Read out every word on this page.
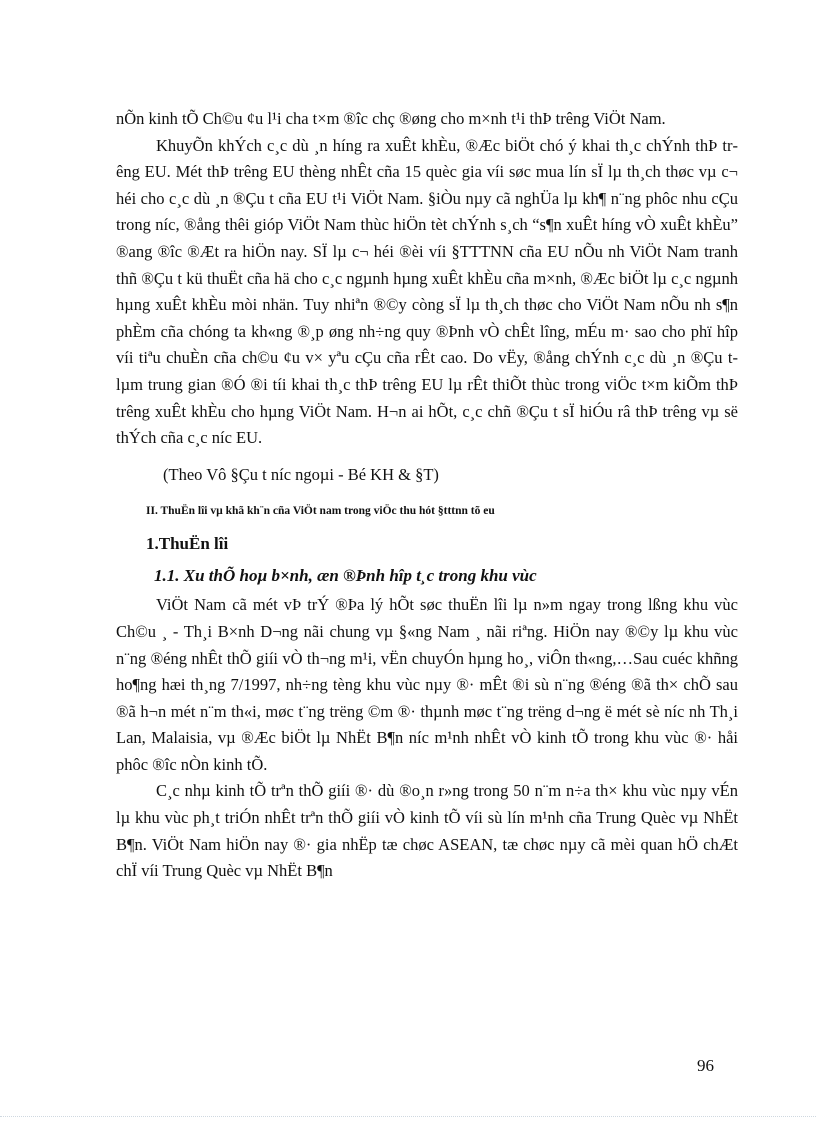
nÕn kinh tÕ Ch©u ¢u l¹i cha t×m ®îc chç ®øng cho m×nh t¹i thÞ trêng ViÖt Nam.

KhuyÕn khÝch c¸c dù ¸n híng ra xuÊt khÈu, ®Æc biÖt chó ý khai th¸c chÝnh thÞ trêng EU. Mét thÞ trêng EU thèng nhÊt cña 15 quèc gia víi søc mua lín sÏ lµ th¸ch thøc vµ c¬ héi cho c¸c dù ¸n ®Çu t cña EU t¹i ViÖt Nam. §iÒu nµy cã nghÜa lµ kh¶ n¨ng phôc nhu cÇu trong níc, ®ång thêi gióp ViÖt Nam thùc hiÖn tèt chÝnh s¸ch “s¶n xuÊt híng vÒ xuÊt khÈu” ®ang ®îc ®Æt ra hiÖn nay. SÏ lµ c¬ héi ®èi víi §TTTNN cña EU nÕu nh ViÖt Nam tranh thñ ®Çu t kü thuËt cña hä cho c¸c ngµnh hµng xuÊt khÈu cña m×nh, ®Æc biÖt lµ c¸c ngµnh hµng xuÊt khÈu mòi nhän. Tuy nhiªn ®©y còng sÏ lµ th¸ch thøc cho ViÖt Nam nÕu nh s¶n phÈm cña chóng ta kh«ng ®¸p øng nh÷ng quy ®Þnh vÒ chÊt lîng, mÉu m· sao cho phï hîp víi tiªu chuÈn cña ch©u ¢u v× yªu cÇu cña rÊt cao. Do vËy, ®ång chÝnh c¸c dù ¸n ®Çu t lµm trung gian ®Ó ®i tíi khai th¸c thÞ trêng EU lµ rÊt thiÕt thùc trong viÖc t×m kiÕm thÞ trêng xuÊt khÈu cho hµng ViÖt Nam. H¬n ai hÕt, c¸c chñ ®Çu t sÏ hiÓu râ thÞ trêng vµ së thÝch cña c¸c níc EU.

(Theo Vô §Çu t níc ngoµi - Bé KH & §T)

II. ThuËn lîi vµ khã kh¨n cña ViÖt nam trong viÖc thu hót §tttnn tõ eu

1.ThuËn lîi

1.1. Xu thÕ hoµ b×nh, æn ®Þnh hîp t¸c trong khu vùc

ViÖt Nam cã mét vÞ trÝ ®Þa lý hÕt søc thuËn lîi lµ n»m ngay trong lßng khu vùc Ch©u ¸ - Th¸i B×nh D¬ng nãi chung vµ §«ng Nam ¸ nãi riªng. HiÖn nay ®©y lµ khu vùc n¨ng ®éng nhÊt thÕ giíi vÒ th¬ng m¹i, vËn chuyÓn hµng ho¸, viÔn th«ng,…Sau cuéc khñng ho¶ng hæi th¸ng 7/1997, nh÷ng tèng khu vùc nµy ®· mÊt ®i sù n¨ng ®éng ®ã th× chÕ sau ®ã h¬n mét n¨m th«i, møc t¨ng trëng ©m ®· thµnh møc t¨ng trëng d¬ng ë mét sè níc nh Th¸i Lan, Malaisia, vµ ®Æc biÖt lµ NhËt B¶n níc m¹nh nhÊt vÒ kinh tÕ trong khu vùc ®· håi phôc ®îc nÒn kinh tÕ.

C¸c nhµ kinh tÕ trªn thÕ giíi ®· dù ®o¸n r»ng trong 50 n¨m n÷a th× khu vùc nµy vÉn lµ khu vùc ph¸t triÓn nhÊt trªn thÕ giíi vÒ kinh tÕ víi sù lín m¹nh cña Trung Quèc vµ NhËt B¶n. ViÖt Nam hiÖn nay ®· gia nhËp tæ chøc ASEAN, tæ chøc nµy cã mèi quan hÖ chÆt chÏ víi Trung Quèc vµ NhËt B¶n

96
